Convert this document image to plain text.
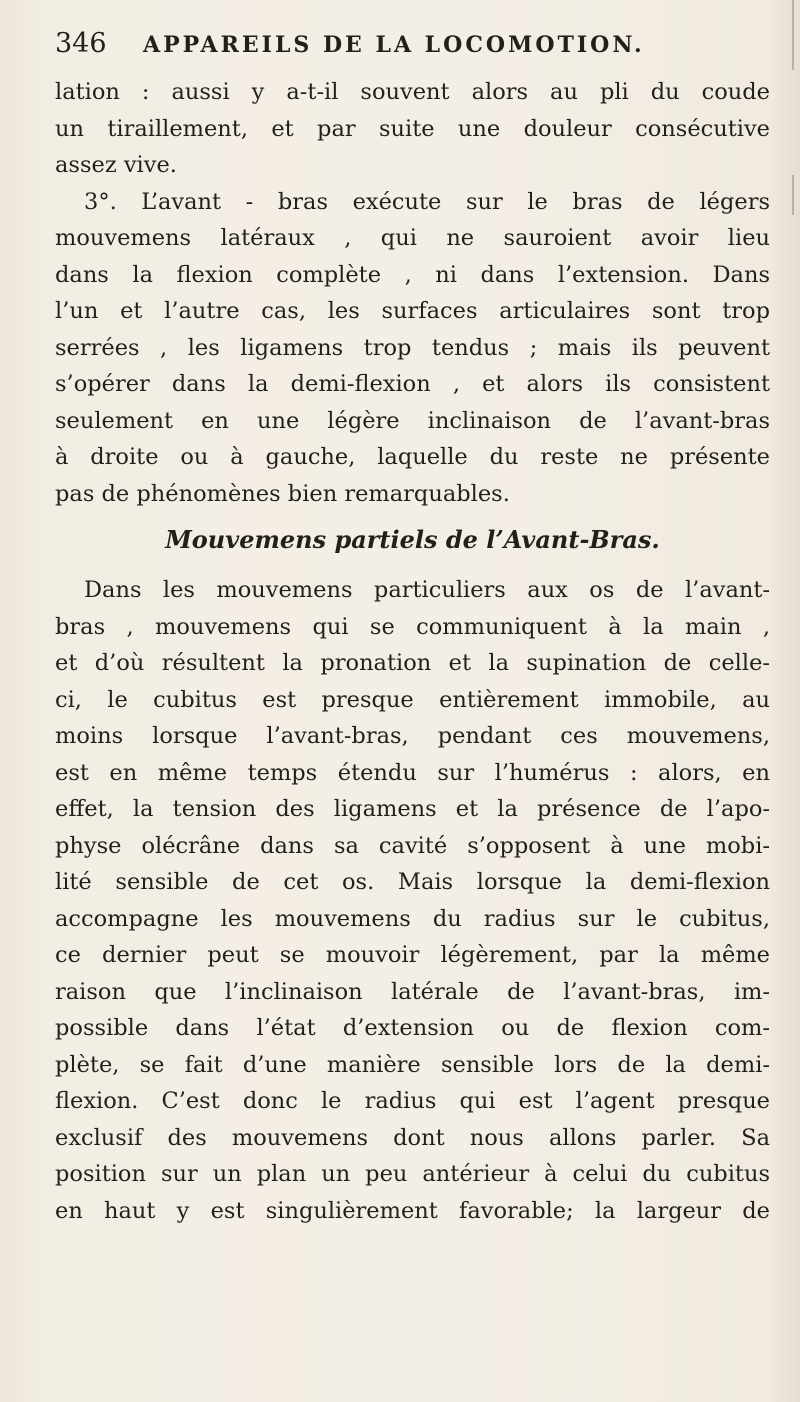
346 APPAREILS DE LA LOCOMOTION.
lation : aussi y a-t-il souvent alors au pli du coude
un tiraillement, et par suite une douleur consécutive
assez vive.
3°. L’avant - bras exécute sur le bras de légers
mouvemens latéraux , qui ne sauroient avoir lieu
dans la flexion complète , ni dans l’extension. Dans
l’un et l’autre cas, les surfaces articulaires sont trop
serrées , les ligamens trop tendus ; mais ils peuvent
s’opérer dans la demi-flexion , et alors ils consistent
seulement en une légère inclinaison de l’avant-bras
à droite ou à gauche, laquelle du reste ne présente
pas de phénomènes bien remarquables.
Mouvemens partiels de l’Avant-Bras.
Dans les mouvemens particuliers aux os de l’avant-
bras , mouvemens qui se communiquent à la main ,
et d’où résultent la pronation et la supination de celle-
ci, le cubitus est presque entièrement immobile, au
moins lorsque l’avant-bras, pendant ces mouvemens,
est en même temps étendu sur l’humérus : alors, en
effet, la tension des ligamens et la présence de l’apo-
physe olécrâne dans sa cavité s’opposent à une mobi-
lité sensible de cet os. Mais lorsque la demi-flexion
accompagne les mouvemens du radius sur le cubitus,
ce dernier peut se mouvoir légèrement, par la même
raison que l’inclinaison latérale de l’avant-bras, im-
possible dans l’état d’extension ou de flexion com-
plète, se fait d’une manière sensible lors de la demi-
flexion. C’est donc le radius qui est l’agent presque
exclusif des mouvemens dont nous allons parler. Sa
position sur un plan un peu antérieur à celui du cubitus
en haut y est singulièrement favorable; la largeur de
